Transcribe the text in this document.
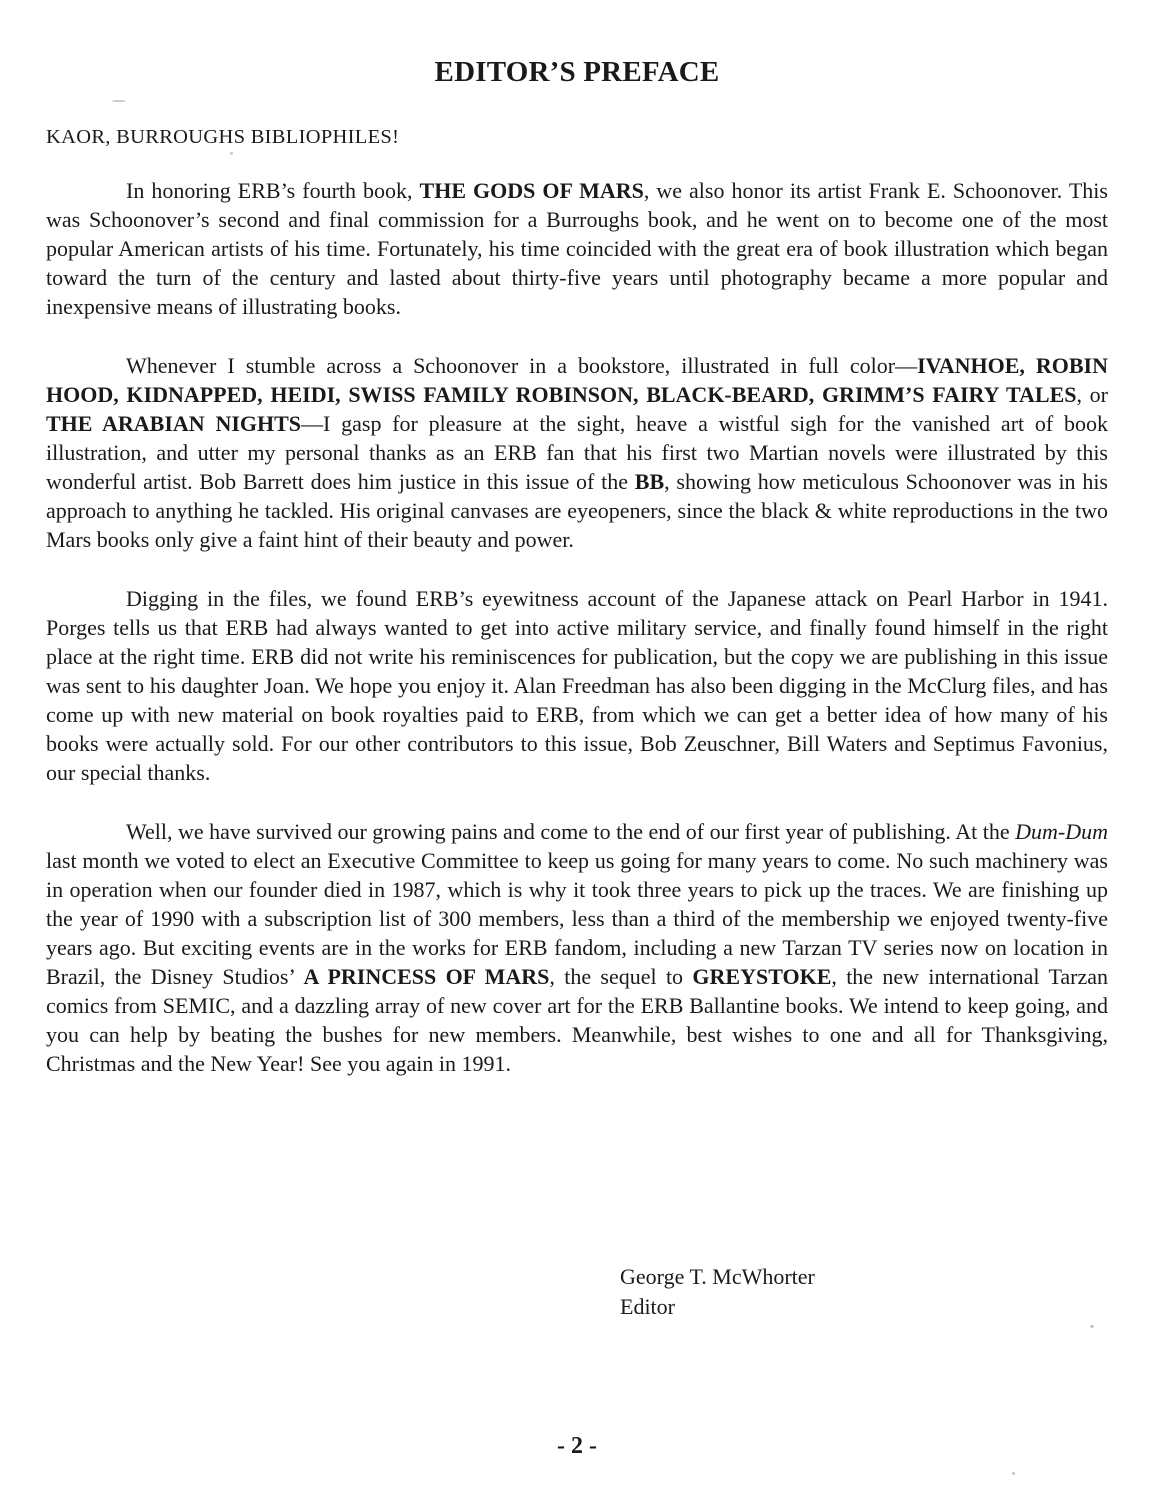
EDITOR’S PREFACE
KAOR, BURROUGHS BIBLIOPHILES!

In honoring ERB’s fourth book, THE GODS OF MARS, we also honor its artist Frank E. Schoonover. This was Schoonover’s second and final commission for a Burroughs book, and he went on to become one of the most popular American artists of his time. Fortunately, his time coincided with the great era of book illustration which began toward the turn of the century and lasted about thirty-five years until photography became a more popular and inexpensive means of illustrating books.

Whenever I stumble across a Schoonover in a bookstore, illustrated in full color—IVANHOE, ROBIN HOOD, KIDNAPPED, HEIDI, SWISS FAMILY ROBINSON, BLACK-BEARD, GRIMM’S FAIRY TALES, or THE ARABIAN NIGHTS—I gasp for pleasure at the sight, heave a wistful sigh for the vanished art of book illustration, and utter my personal thanks as an ERB fan that his first two Martian novels were illustrated by this wonderful artist. Bob Barrett does him justice in this issue of the BB, showing how meticulous Schoonover was in his approach to anything he tackled. His original canvases are eyeopeners, since the black & white reproductions in the two Mars books only give a faint hint of their beauty and power.

Digging in the files, we found ERB’s eyewitness account of the Japanese attack on Pearl Harbor in 1941. Porges tells us that ERB had always wanted to get into active military service, and finally found himself in the right place at the right time. ERB did not write his reminiscences for publication, but the copy we are publishing in this issue was sent to his daughter Joan. We hope you enjoy it. Alan Freedman has also been digging in the McClurg files, and has come up with new material on book royalties paid to ERB, from which we can get a better idea of how many of his books were actually sold. For our other contributors to this issue, Bob Zeuschner, Bill Waters and Septimus Favonius, our special thanks.

Well, we have survived our growing pains and come to the end of our first year of publishing. At the Dum-Dum last month we voted to elect an Executive Committee to keep us going for many years to come. No such machinery was in operation when our founder died in 1987, which is why it took three years to pick up the traces. We are finishing up the year of 1990 with a subscription list of 300 members, less than a third of the membership we enjoyed twenty-five years ago. But exciting events are in the works for ERB fandom, including a new Tarzan TV series now on location in Brazil, the Disney Studios’ A PRINCESS OF MARS, the sequel to GREYSTOKE, the new international Tarzan comics from SEMIC, and a dazzling array of new cover art for the ERB Ballantine books. We intend to keep going, and you can help by beating the bushes for new members. Meanwhile, best wishes to one and all for Thanksgiving, Christmas and the New Year! See you again in 1991.

George T. McWhorter
Editor
- 2 -
